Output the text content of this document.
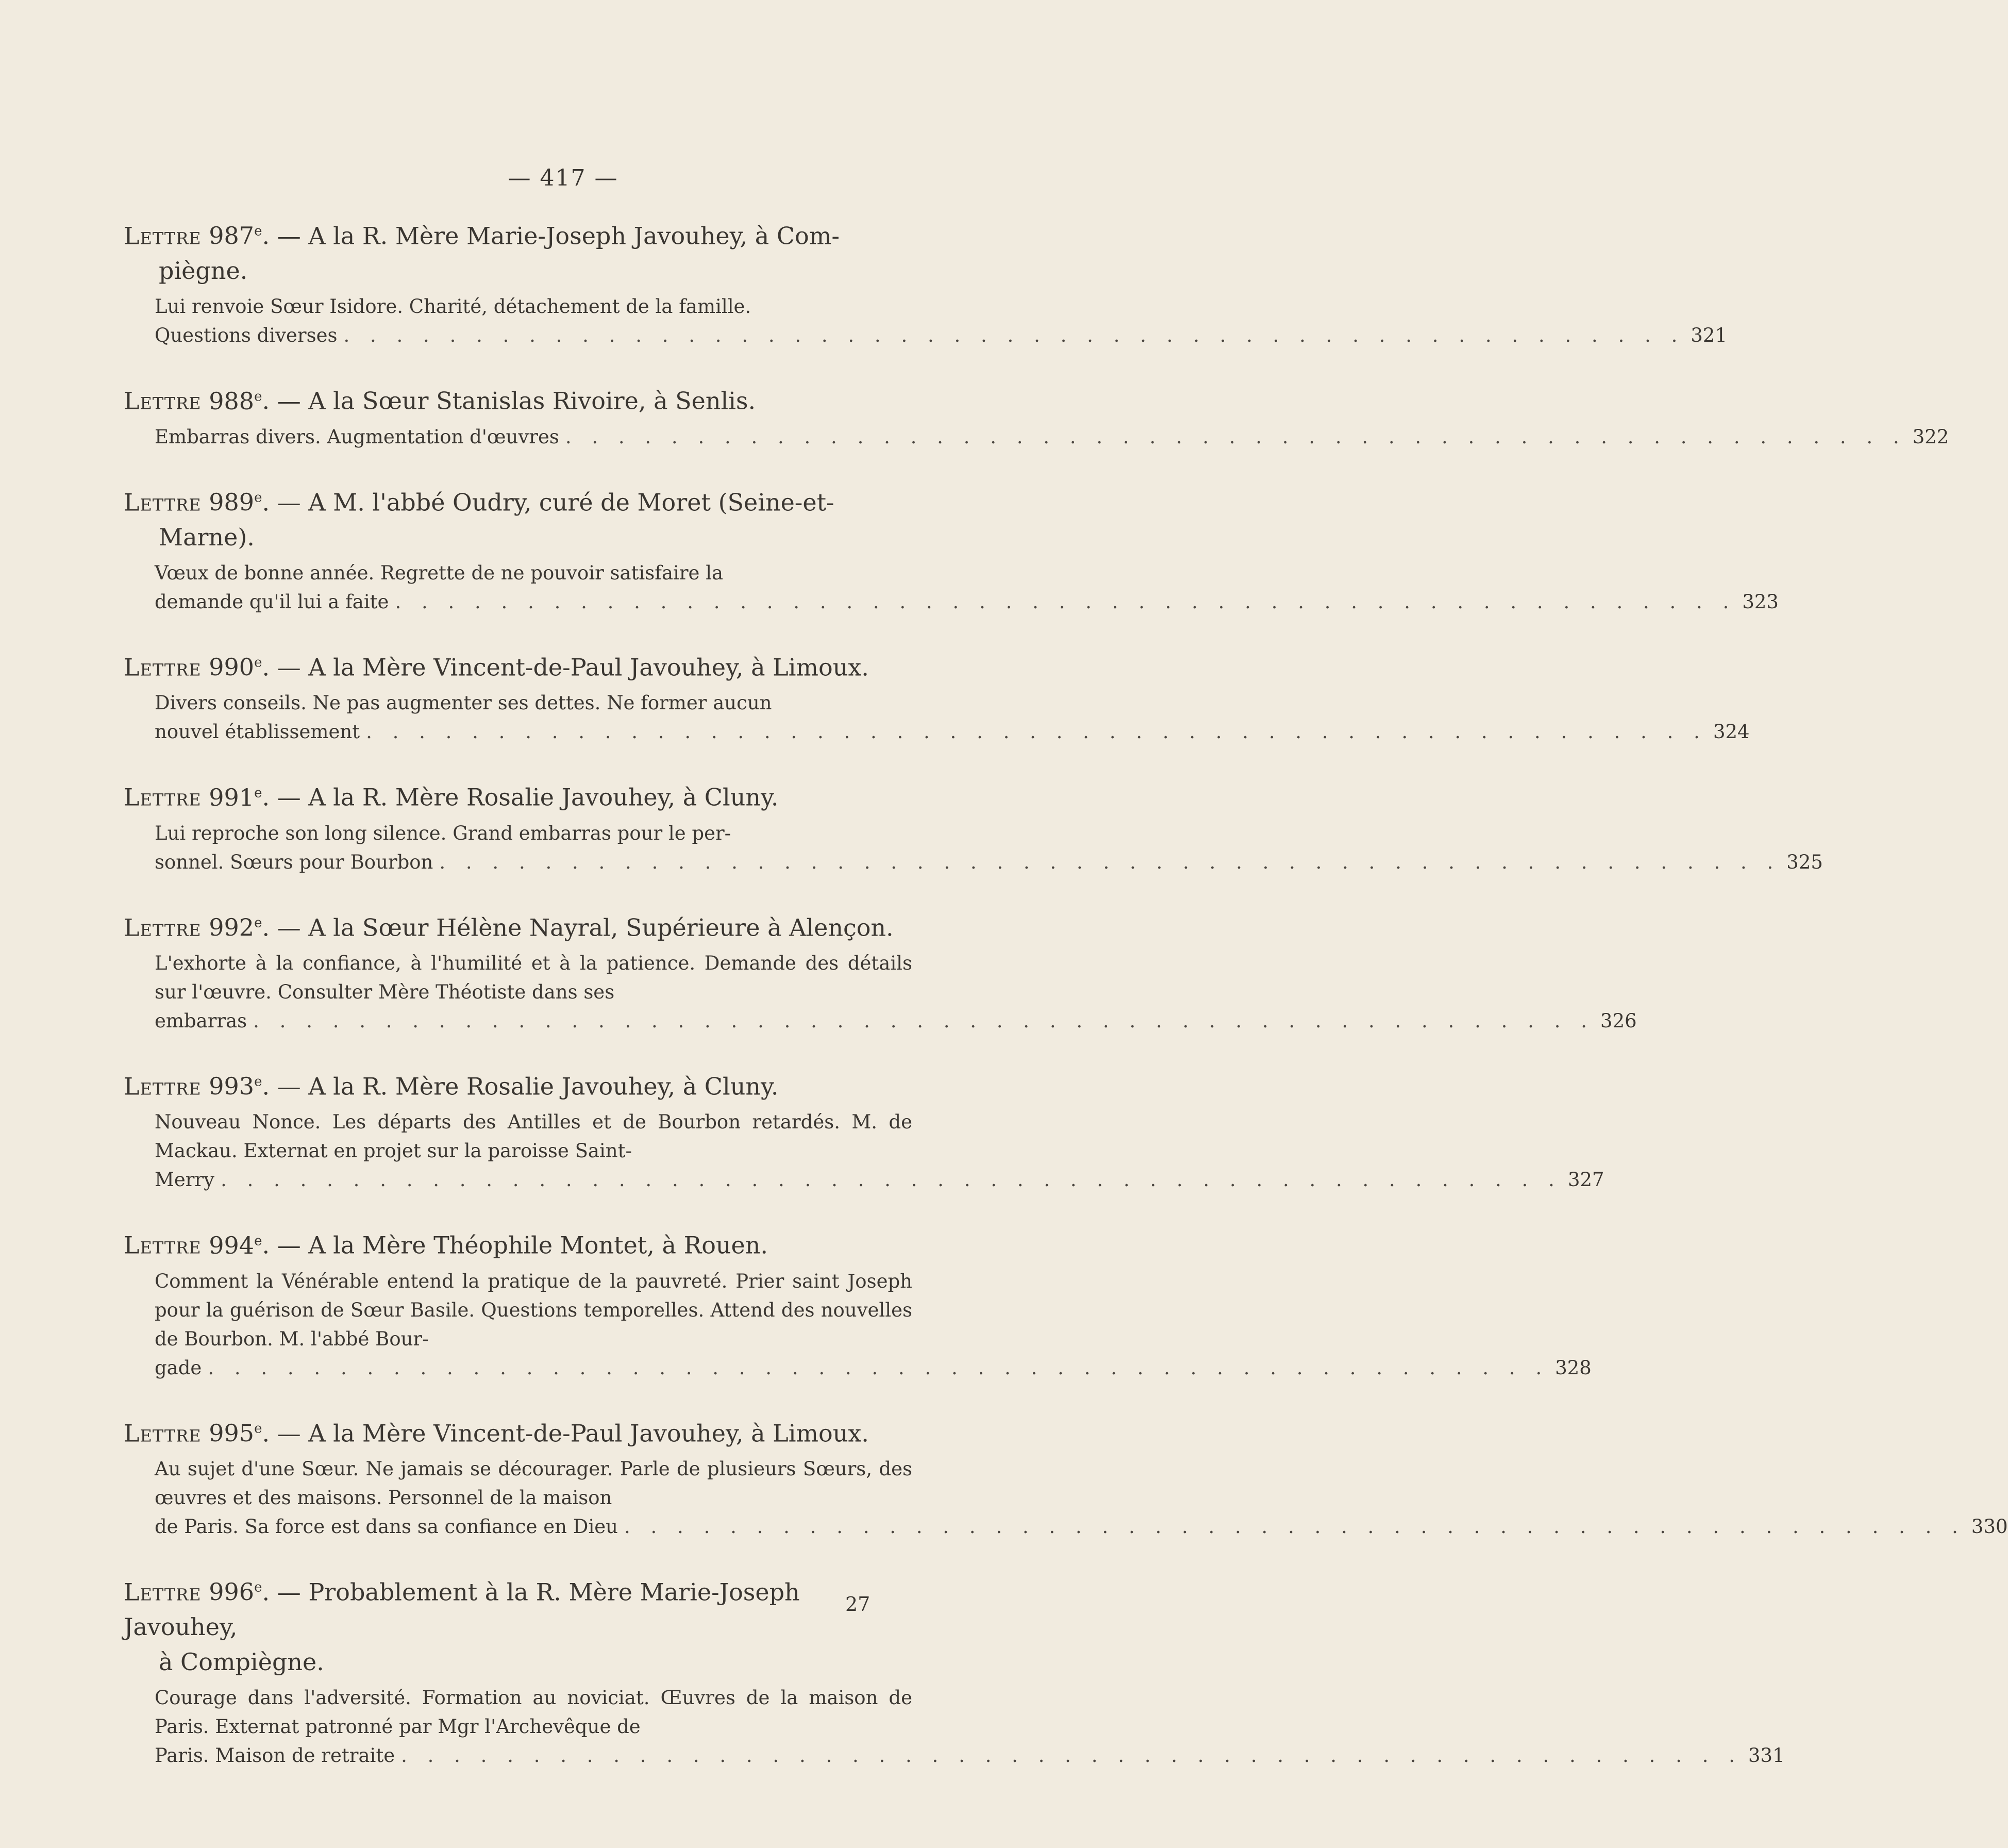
— 417 —
Lettre 987e. — A la R. Mère Marie-Joseph Javouhey, à Com-
piègne.
Lui renvoie Sœur Isidore. Charité, détachement de la famille.
Questions diverses . . . . . . . . . . . . . . . . . . . . . . . . . . . . . . . . . . . . . . . . . . . . . . . . . . . 321
Lettre 988e. — A la Sœur Stanislas Rivoire, à Senlis.
Embarras divers. Augmentation d'œuvres . . . . . . . . . . . . . . . . . . . . . . . . . . . . . . . . . . . . . . . . . . . . . . . . . . . 322
Lettre 989e. — A M. l'abbé Oudry, curé de Moret (Seine-et-
Marne).
Vœux de bonne année. Regrette de ne pouvoir satisfaire la
demande qu'il lui a faite . . . . . . . . . . . . . . . . . . . . . . . . . . . . . . . . . . . . . . . . . . . . . . . . . . . 323
Lettre 990e. — A la Mère Vincent-de-Paul Javouhey, à Limoux.
Divers conseils. Ne pas augmenter ses dettes. Ne former aucun
nouvel établissement . . . . . . . . . . . . . . . . . . . . . . . . . . . . . . . . . . . . . . . . . . . . . . . . . . . 324
Lettre 991e. — A la R. Mère Rosalie Javouhey, à Cluny.
Lui reproche son long silence. Grand embarras pour le per-
sonnel. Sœurs pour Bourbon . . . . . . . . . . . . . . . . . . . . . . . . . . . . . . . . . . . . . . . . . . . . . . . . . . . 325
Lettre 992e. — A la Sœur Hélène Nayral, Supérieure à Alençon.
L'exhorte à la confiance, à l'humilité et à la patience. Demande des détails sur l'œuvre. Consulter Mère Théotiste dans ses
embarras . . . . . . . . . . . . . . . . . . . . . . . . . . . . . . . . . . . . . . . . . . . . . . . . . . . 326
Lettre 993e. — A la R. Mère Rosalie Javouhey, à Cluny.
Nouveau Nonce. Les départs des Antilles et de Bourbon retardés. M. de Mackau. Externat en projet sur la paroisse Saint-
Merry . . . . . . . . . . . . . . . . . . . . . . . . . . . . . . . . . . . . . . . . . . . . . . . . . . . 327
Lettre 994e. — A la Mère Théophile Montet, à Rouen.
Comment la Vénérable entend la pratique de la pauvreté. Prier saint Joseph pour la guérison de Sœur Basile. Questions temporelles. Attend des nouvelles de Bourbon. M. l'abbé Bour-
gade . . . . . . . . . . . . . . . . . . . . . . . . . . . . . . . . . . . . . . . . . . . . . . . . . . . 328
Lettre 995e. — A la Mère Vincent-de-Paul Javouhey, à Limoux.
Au sujet d'une Sœur. Ne jamais se décourager. Parle de plusieurs Sœurs, des œuvres et des maisons. Personnel de la maison
de Paris. Sa force est dans sa confiance en Dieu . . . . . . . . . . . . . . . . . . . . . . . . . . . . . . . . . . . . . . . . . . . . . . . . . . . 330
Lettre 996e. — Probablement à la R. Mère Marie-Joseph Javouhey,
à Compiègne.
Courage dans l'adversité. Formation au noviciat. Œuvres de la maison de Paris. Externat patronné par Mgr l'Archevêque de
Paris. Maison de retraite . . . . . . . . . . . . . . . . . . . . . . . . . . . . . . . . . . . . . . . . . . . . . . . . . . . 331
27
